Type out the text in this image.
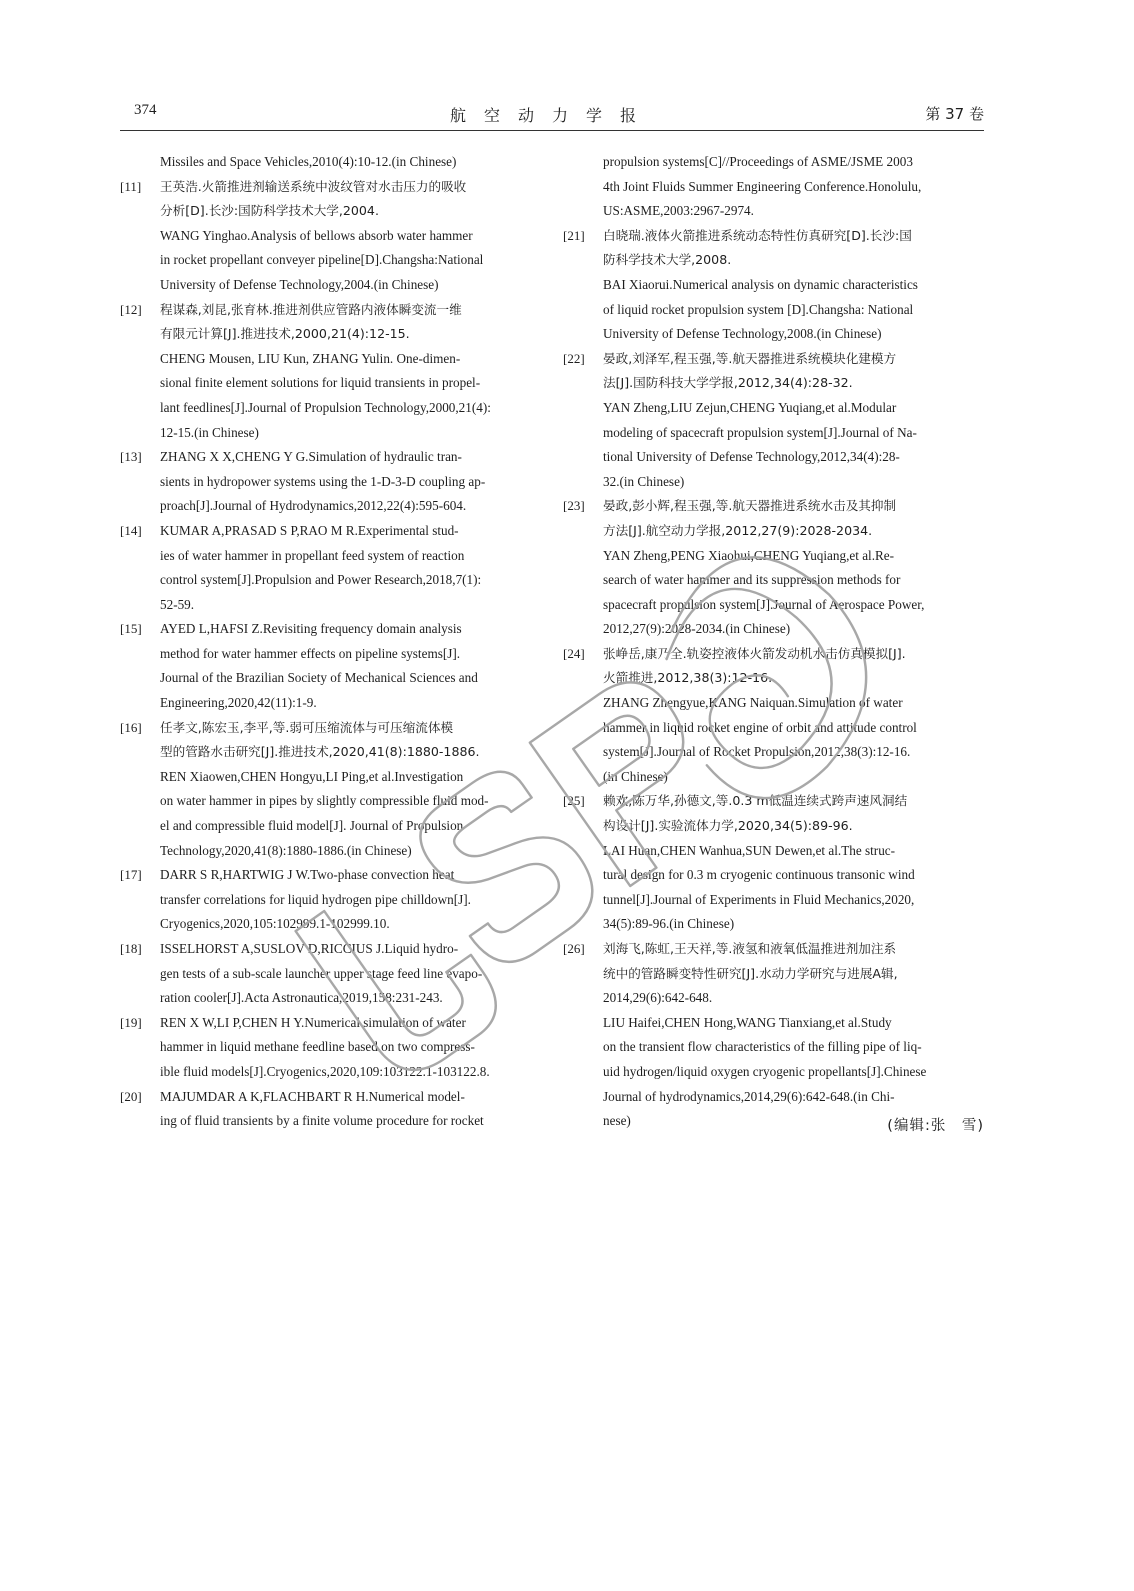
374	航空动力学报	第 37 卷
Missiles and Space Vehicles,2010(4):10-12.(in Chinese)
[11]	王英浩.火箭推进剂输送系统中波纹管对水击压力的吸收
分析[D].长沙:国防科学技术大学,2004.
WANG Yinghao.Analysis of bellows absorb water hammer
in rocket propellant conveyer pipeline[D].Changsha:National
University of Defense Technology,2004.(in Chinese)
[12]	程谋森,刘昆,张育林.推进剂供应管路内液体瞬变流一维
有限元计算[J].推进技术,2000,21(4):12-15.
CHENG Mousen, LIU Kun, ZHANG Yulin. One-dimen-
sional finite element solutions for liquid transients in propel-
lant feedlines[J].Journal of Propulsion Technology,2000,21(4):
12-15.(in Chinese)
[13]	ZHANG X X,CHENG Y G.Simulation of hydraulic tran-
sients in hydropower systems using the 1-D-3-D coupling ap-
proach[J].Journal of Hydrodynamics,2012,22(4):595-604.
[14]	KUMAR A,PRASAD S P,RAO M R.Experimental stud-
ies of water hammer in propellant feed system of reaction
control system[J].Propulsion and Power Research,2018,7(1):
52-59.
[15]	AYED L,HAFSI Z.Revisiting frequency domain analysis
method for water hammer effects on pipeline systems[J].
Journal of the Brazilian Society of Mechanical Sciences and
Engineering,2020,42(11):1-9.
[16]	任孝文,陈宏玉,李平,等.弱可压缩流体与可压缩流体模
型的管路水击研究[J].推进技术,2020,41(8):1880-1886.
REN Xiaowen,CHEN Hongyu,LI Ping,et al.Investigation
on water hammer in pipes by slightly compressible fluid mod-
el and compressible fluid model[J]. Journal of Propulsion
Technology,2020,41(8):1880-1886.(in Chinese)
[17]	DARR S R,HARTWIG J W.Two-phase convection heat
transfer correlations for liquid hydrogen pipe chilldown[J].
Cryogenics,2020,105:102999.1-102999.10.
[18]	ISSELHORST A,SUSLOV D,RICCIUS J.Liquid hydro-
gen tests of a sub-scale launcher upper stage feed line evapo-
ration cooler[J].Acta Astronautica,2019,158:231-243.
[19]	REN X W,LI P,CHEN H Y.Numerical simulation of water
hammer in liquid methane feedline based on two compress-
ible fluid models[J].Cryogenics,2020,109:103122.1-103122.8.
[20]	MAJUMDAR A K,FLACHBART R H.Numerical model-
ing of fluid transients by a finite volume procedure for rocket
propulsion systems[C]//Proceedings of ASME/JSME 2003
4th Joint Fluids Summer Engineering Conference.Honolulu,
US:ASME,2003:2967-2974.
[21]	白晓瑞.液体火箭推进系统动态特性仿真研究[D].长沙:国
防科学技术大学,2008.
BAI Xiaorui.Numerical analysis on dynamic characteristics
of liquid rocket propulsion system [D].Changsha: National
University of Defense Technology,2008.(in Chinese)
[22]	晏政,刘泽军,程玉强,等.航天器推进系统模块化建模方
法[J].国防科技大学学报,2012,34(4):28-32.
YAN Zheng,LIU Zejun,CHENG Yuqiang,et al.Modular
modeling of spacecraft propulsion system[J].Journal of Na-
tional University of Defense Technology,2012,34(4):28-
32.(in Chinese)
[23]	晏政,彭小辉,程玉强,等.航天器推进系统水击及其抑制
方法[J].航空动力学报,2012,27(9):2028-2034.
YAN Zheng,PENG Xiaohui,CHENG Yuqiang,et al.Re-
search of water hammer and its suppression methods for
spacecraft propulsion system[J].Journal of Aerospace Power,
2012,27(9):2028-2034.(in Chinese)
[24]	张峥岳,康乃全.轨姿控液体火箭发动机水击仿真模拟[J].
火箭推进,2012,38(3):12-16.
ZHANG Zhengyue,KANG Naiquan.Simulation of water
hammer in liquid rocket engine of orbit and attitude control
system[J].Journal of Rocket Propulsion,2012,38(3):12-16.
(in Chinese)
[25]	赖欢,陈万华,孙德文,等.0.3 m低温连续式跨声速风洞结
构设计[J].实验流体力学,2020,34(5):89-96.
LAI Huan,CHEN Wanhua,SUN Dewen,et al.The struc-
tural design for 0.3 m cryogenic continuous transonic wind
tunnel[J].Journal of Experiments in Fluid Mechanics,2020,
34(5):89-96.(in Chinese)
[26]	刘海飞,陈虹,王天祥,等.液氢和液氧低温推进剂加注系
统中的管路瞬变特性研究[J].水动力学研究与进展A辑,
2014,29(6):642-648.
LIU Haifei,CHEN Hong,WANG Tianxiang,et al.Study
on the transient flow characteristics of the filling pipe of liq-
uid hydrogen/liquid oxygen cryogenic propellants[J].Chinese
Journal of hydrodynamics,2014,29(6):642-648.(in Chi-
nese)	(编辑:张　雪)
